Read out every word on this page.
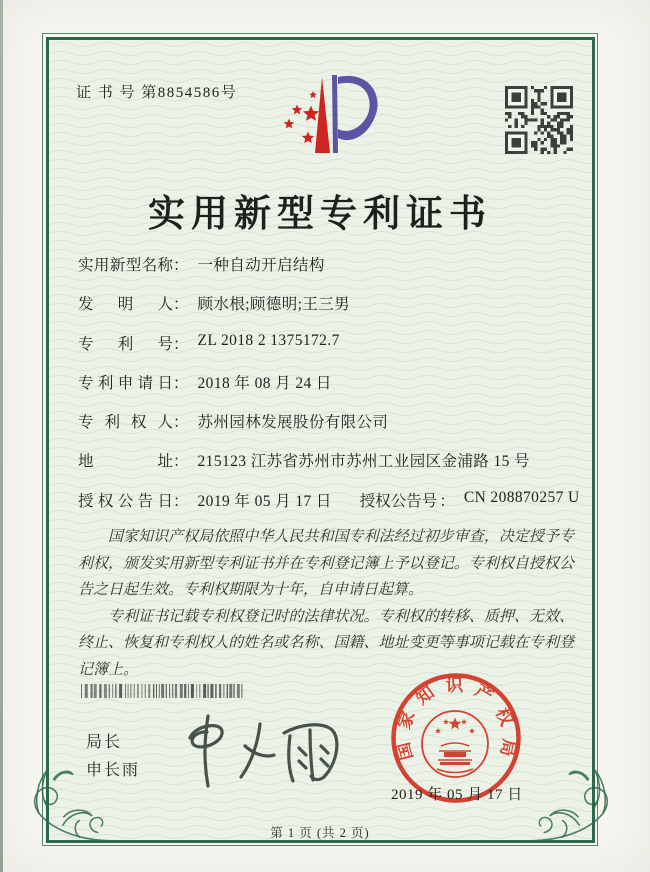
证 书 号 第8854586号
实用新型专利证书
实用新型名称 ： 一种自动开启结构
发明人 ： 顾水根;顾德明;王三男
专利号 ： ZL 2018 2 1375172.7
专利申请日 ： 2018 年 08 月 24 日
专利权人 ： 苏州园林发展股份有限公司
地址 ： 215123 江苏省苏州市苏州工业园区金浦路 15 号
授权公告日 ： 2019 年 05 月 17 日 授权公告号 ： CN 208870257 U

国家知识产权局依照中华人民共和国专利法经过初步审查，决定授予专利权，颁发实用新型专利证书并在专利登记簿上予以登记。专利权自授权公告之日起生效。专利权期限为十年，自申请日起算。

专利证书记载专利权登记时的法律状况。专利权的转移、质押、无效、终止、恢复和专利权人的姓名或名称、国籍、地址变更等事项记载在专利登记簿上。

局长
申长雨
国家知识产权局
2019 年 05 月 17 日
第 1 页 (共 2 页)
